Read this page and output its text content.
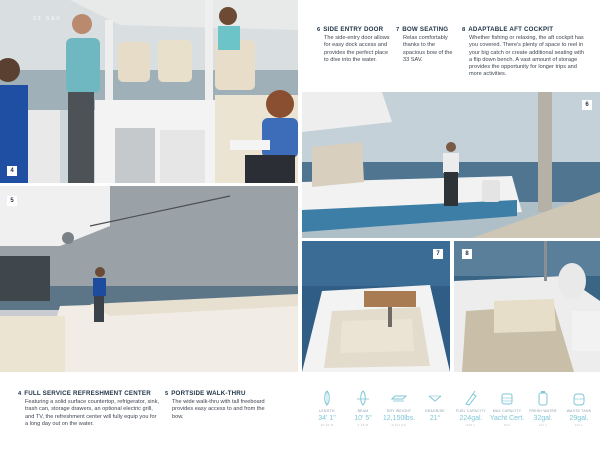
33 SAV
4
5
6
7	8
6 SIDE ENTRY DOOR
The side-entry door allows for easy dock access and provides the perfect place to dive into the water.
7 BOW SEATING
Relax comfortably thanks to the spacious bow of the 33 SAV.
8 ADAPTABLE AFT COCKPIT
Whether fishing or relaxing, the aft cockpit has you covered. There's plenty of space to reel in your big catch or create additional seating with a flip down bench. A vast amount of storage provides the opportunity for longer trips and more activities.
4 FULL SERVICE REFRESHMENT CENTER
Featuring a solid surface countertop, refrigerator, sink, trash can, storage drawers, an optional electric grill, and TV, the refreshment center will fully equip you for a long day out on the water.
5 PORTSIDE WALK-THRU
The wide walk-thru with tall freeboard provides easy access to and from the bow.
LENGTH
34' 1"
10.39 M
BEAM
10' 5"
3.18 M
DRY WEIGHT
12,150lbs.
5,511 KG
DEADRISE
21°
FUEL CAPACITY
224gal.
848 L
MAX CAPACITY
Yacht Cert.
N/A
FRESH WATER
32gal.
121 L
WASTE TANK
29gal.
110 L
